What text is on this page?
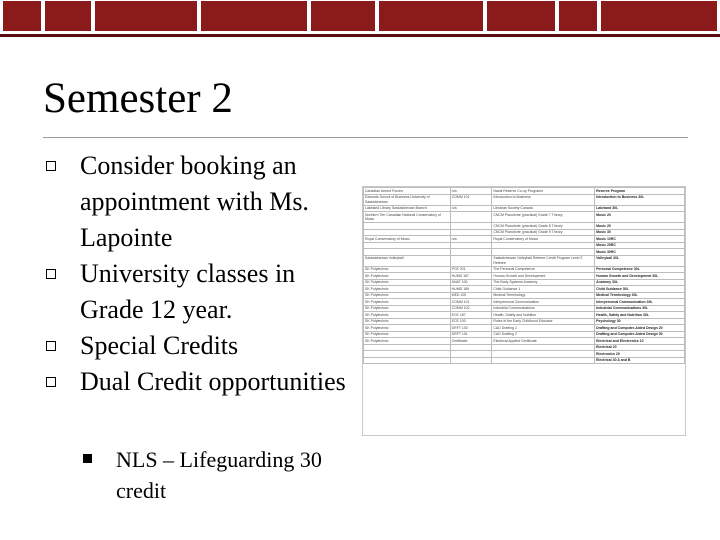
Semester 2
Consider booking an appointment with Ms. Lapointe
University classes in Grade 12 year.
Special Credits
Dual Credit opportunities
NLS – Lifeguarding 30 credit
Canadian Armed Forces	n/a	Naval Reserve Co-op Programs	Reserve Program
Edwards School of Business University of Saskatchewan	COMM 101	Introduction to Business	Introduction to Business 30L
Lakeland Library Saskatchewan Branch	n/a	Librarian Society Canada	Lakeland 30L
Northern Tier Canadian National Conservatory of Music		CNCM Pianoforte (practical) Grade 7 Theory	Music 20
		CNCM Pianoforte (practical) Grade 8 Theory	Music 20
		CNCM Pianoforte (practical) Grade 9 Theory	Music 30
Royal Conservatory of Music	n/a	Royal Conservatory of Music	Music 10RC
			Music 20RC
			Music 30RC
Saskatchewan Volleyball		Saskatchewan Volleyball Referee Credit Program Level 2 Referee	Volleyball 30L
SK Polytechnic	PCE 201	The Personal Competence	Personal Competence 30L
SK Polytechnic	HUMD 187	Human Growth and Development	Human Growth and Development 30L
SK Polytechnic	ANAT 100	The Body Systems Anatomy	Anatomy 30L
SK Polytechnic	HUMD 189	Child Guidance 1	Child Guidance 30L
SK Polytechnic	MED 100	Medical Terminology	Medical Terminology 30L
SK Polytechnic	COMM 101	Interpersonal Communication	Interpersonal Communication 30L
SK Polytechnic	COMM 102	Industrial Communications	Industrial Communications 30L
SK Polytechnic	ECE 187	Health, Safety and Nutrition	Health, Safety and Nutrition 30L
SK Polytechnic	ECE 100	Roles of the Early Childhood Educator	Psychology 30
SK Polytechnic	DRFT 100	CAD Drafting 1	Drafting and Computer-Aided Design 20
SK Polytechnic	DRFT 101	CAD Drafting 2	Drafting and Computer-Aided Design 30
SK Polytechnic	Certificate	Electrical Applied Certificate	Electrical and Electronics 10
			Electrical 20
			Electronics 20
			Electrical 30 A and B
